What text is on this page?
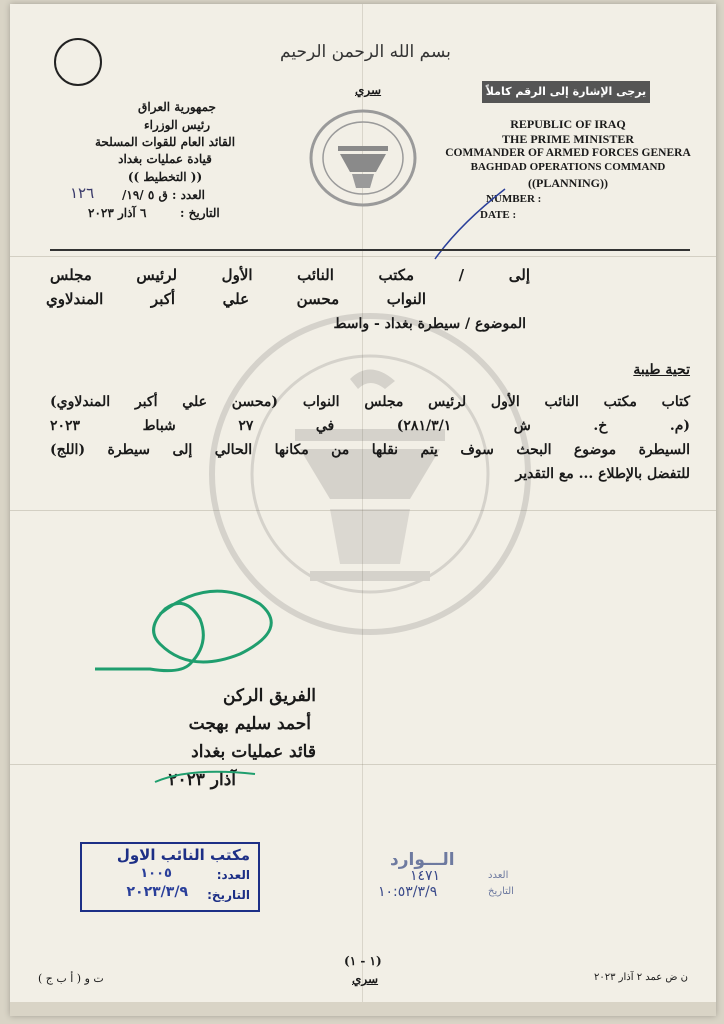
بسم الله الرحمن الرحيم
سري	يرجى الإشارة إلى الرقم كاملاً
جمهورية العراق
رئيس الوزراء
القائد العام للقوات المسلحة
قيادة عمليات بغداد
(( التخطيط ))
العدد : ق ٥ /١٩/
١٢٦
التاريخ :
٦ آذار ٢٠٢٣
REPUBLIC OF IRAQ
THE PRIME MINISTER
COMMANDER OF ARMED FORCES GENERA
BAGHDAD OPERATIONS COMMAND
((PLANNING))
NUMBER :
DATE :
إلى / مكتب النائب الأول لرئيس مجلس
النواب محسن علي أكبر المندلاوي
الموضوع / سيطرة بغداد - واسط
تحية طيبة
كتاب مكتب النائب الأول لرئيس مجلس النواب (محسن علي أكبر المندلاوي)
(م. خ. ش ٢٨١/٣/١) في ٢٧ شباط ٢٠٢٣
السيطرة موضوع البحث سوف يتم نقلها من مكانها الحالي إلى سيطرة (اللج)
للتفضل بالإطلاع ... مع التقدير
الفريق الركن
أحمد سليم بهجت
قائد عمليات بغداد
آذار ٢٠٢٣
مكتب النائب الاول
العدد:
١٠٠٥
التاريخ:
٢٠٢٣/٣/٩
الـــوارد
العدد
١٤٧١
التاريخ
١٠:٥٣/٣/٩
(١ - ١)
سري
ت و ( أ ب ج )	ن ض عمد ٢ آذار ٢٠٢٣
